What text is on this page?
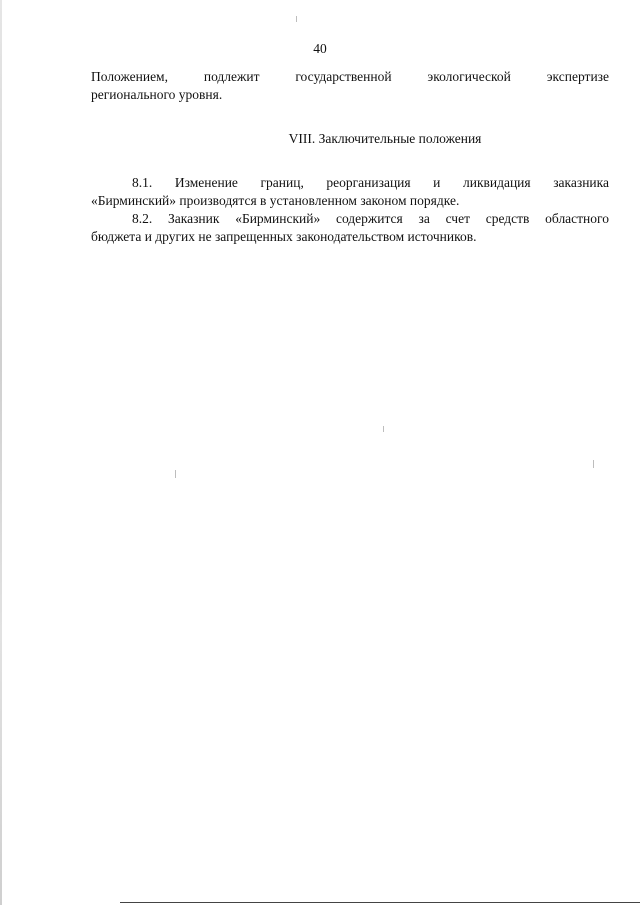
40

Положением, подлежит государственной экологической экспертизе
регионального уровня.

VIII. Заключительные положения

8.1. Изменение границ, реорганизация и ликвидация заказника
«Бирминский» производятся в установленном законом порядке.

8.2. Заказник «Бирминский» содержится за счет средств областного
бюджета и других не запрещенных законодательством источников.
